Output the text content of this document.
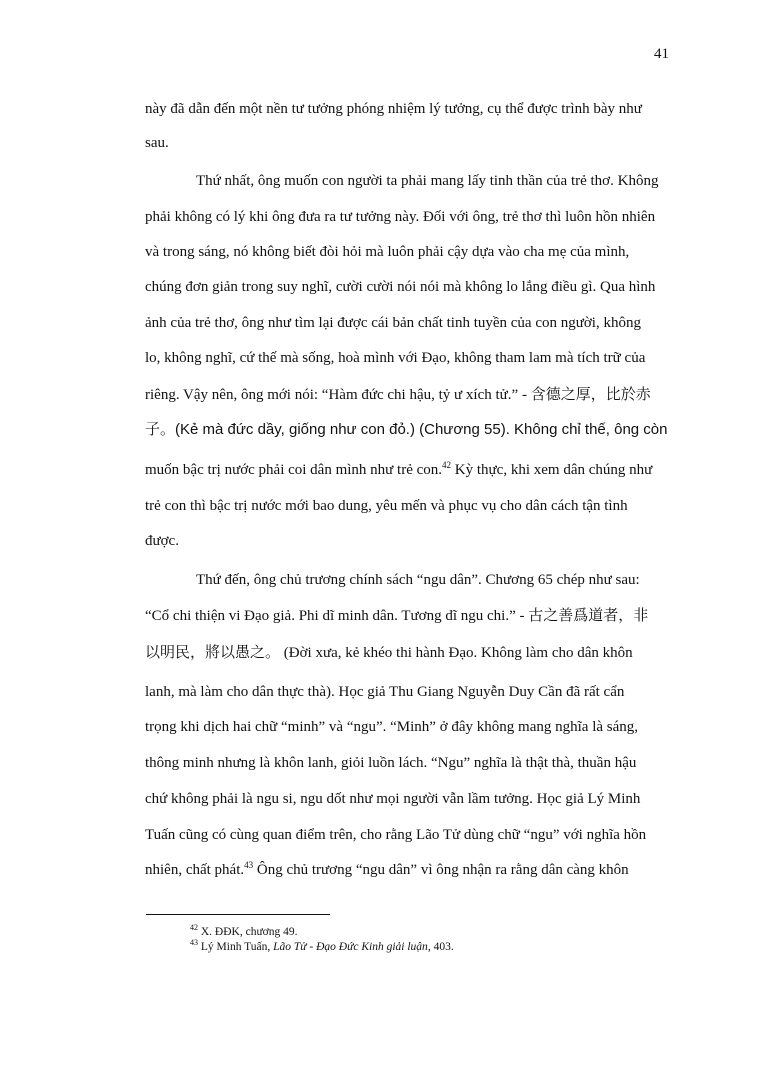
41
này đã dẫn đến một nền tư tưởng phóng nhiệm lý tưởng, cụ thể được trình bày như
sau.
Thứ nhất, ông muốn con người ta phải mang lấy tinh thần của trẻ thơ. Không
phải không có lý khi ông đưa ra tư tưởng này. Đối với ông, trẻ thơ thì luôn hồn nhiên
và trong sáng, nó không biết đòi hỏi mà luôn phải cậy dựa vào cha mẹ của mình,
chúng đơn giản trong suy nghĩ, cười cười nói nói mà không lo lắng điều gì. Qua hình
ảnh của trẻ thơ, ông như tìm lại được cái bản chất tinh tuyền của con người, không
lo, không nghĩ, cứ thế mà sống, hoà mình với Đạo, không tham lam mà tích trữ của
riêng. Vậy nên, ông mới nói: “Hàm đức chi hậu, tỷ ư xích tử.” - 含德之厚，比於赤
子。(Kẻ mà đức dầy, giống như con đỏ.) (Chương 55). Không chỉ thế, ông còn
muốn bậc trị nước phải coi dân mình như trẻ con.$^{42}$ Kỳ thực, khi xem dân chúng như
trẻ con thì bậc trị nước mới bao dung, yêu mến và phục vụ cho dân cách tận tình
được.
Thứ đến, ông chủ trương chính sách “ngu dân”. Chương 65 chép như sau:
“Cổ chi thiện vi Đạo giả. Phi dĩ minh dân. Tương dĩ ngu chi.” - 古之善爲道者，非
以明民，將以愚之。 (Đời xưa, kẻ khéo thi hành Đạo. Không làm cho dân khôn
lanh, mà làm cho dân thực thà). Học giả Thu Giang Nguyễn Duy Cần đã rất cẩn
trọng khi dịch hai chữ “minh” và “ngu”. “Minh” ở đây không mang nghĩa là sáng,
thông minh nhưng là khôn lanh, giỏi luồn lách. “Ngu” nghĩa là thật thà, thuần hậu
chứ không phải là ngu si, ngu dốt như mọi người vẫn lầm tưởng. Học giả Lý Minh
Tuấn cũng có cùng quan điểm trên, cho rằng Lão Tử dùng chữ “ngu” với nghĩa hồn
nhiên, chất phát.$^{43}$ Ông chủ trương “ngu dân” vì ông nhận ra rằng dân càng khôn
$^{42}$ X. ĐĐK, chương 49.
$^{43}$ Lý Minh Tuấn, Lão Tử - Đạo Đức Kinh giải luận, 403.
